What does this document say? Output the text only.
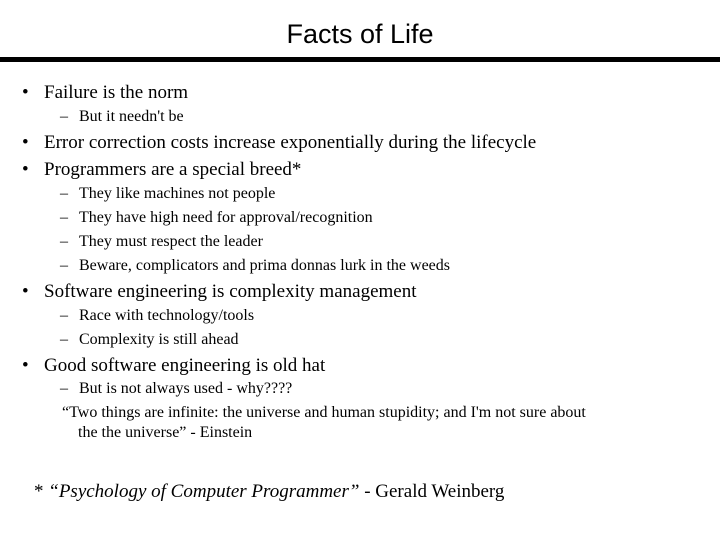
Facts of Life
• Failure is the norm
– But it needn't be
• Error correction costs increase exponentially during the lifecycle
• Programmers are a special breed*
– They like machines not people
– They have high need for approval/recognition
– They must respect the leader
– Beware, complicators and prima donnas lurk in the weeds
• Software engineering is complexity management
– Race with technology/tools
– Complexity is still ahead
• Good software engineering is old hat
– But is not always used - why????
“Two things are infinite: the universe and human stupidity; and I'm not sure about
the the universe” - Einstein
* “Psychology of Computer Programmer” - Gerald Weinberg
